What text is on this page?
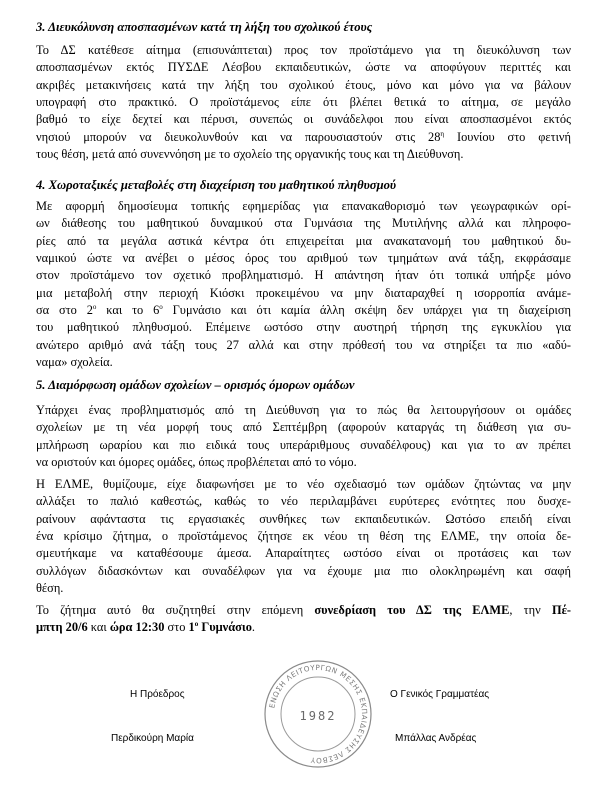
3. Διευκόλυνση αποσπασμένων κατά τη λήξη του σχολικού έτους

Το ΔΣ κατέθεσε αίτημα (επισυνάπτεται) προς τον προϊστάμενο για τη διευκόλυνση των
αποσπασμένων εκτός ΠΥΣΔΕ Λέσβου εκπαιδευτικών, ώστε να αποφύγουν περιττές και
ακριβές μετακινήσεις κατά την λήξη του σχολικού έτους, μόνο και μόνο για να βάλουν
υπογραφή στο πρακτικό. Ο προϊστάμενος είπε ότι βλέπει θετικά το αίτημα, σε μεγάλο
βαθμό το είχε δεχτεί και πέρυσι, συνεπώς οι συνάδελφοι που είναι αποσπασμένοι εκτός
νησιού μπορούν να διευκολυνθούν και να παρουσιαστούν στις $28^\eta$ Ιουνίου στο φετινή
τους θέση, μετά από συνεννόηση με το σχολείο της οργανικής τους και τη Διεύθυνση.

4. Χωροταξικές μεταβολές στη διαχείριση του μαθητικού πληθυσμού

Με αφορμή δημοσίευμα τοπικής εφημερίδας για επανακαθορισμό των γεωγραφικών ορί-
ων διάθεσης του μαθητικού δυναμικού στα Γυμνάσια της Μυτιλήνης αλλά και πληροφο-
ρίες από τα μεγάλα αστικά κέντρα ότι επιχειρείται μια ανακατανομή του μαθητικού δυ-
ναμικού ώστε να ανέβει ο μέσος όρος του αριθμού των τμημάτων ανά τάξη, εκφράσαμε
στον προϊστάμενο τον σχετικό προβληματισμό. Η απάντηση ήταν ότι τοπικά υπήρξε μόνο
μια μεταβολή στην περιοχή Κιόσκι προκειμένου να μην διαταραχθεί η ισορροπία ανάμε-
σα στο $2^o$ και το $6^o$ Γυμνάσιο και ότι καμία άλλη σκέψη δεν υπάρχει για τη διαχείριση
του μαθητικού πληθυσμού. Επέμεινε ωστόσο στην αυστηρή τήρηση της εγκυκλίου για
ανώτερο αριθμό ανά τάξη τους 27 αλλά και στην πρόθεσή του να στηρίξει τα πιο «αδύ-
ναμα» σχολεία.

5. Διαμόρφωση ομάδων σχολείων – ορισμός όμορων ομάδων

Υπάρχει ένας προβληματισμός από τη Διεύθυνση για το πώς θα λειτουργήσουν οι ομάδες
σχολείων με τη νέα μορφή τους από Σεπτέμβρη (αφορούν καταργάς τη διάθεση για συ-
μπλήρωση ωραρίου και πιο ειδικά τους υπεράριθμους συναδέλφους) και για το αν πρέπει
να οριστούν και όμορες ομάδες, όπως προβλέπεται από το νόμο.

Η ΕΛΜΕ, θυμίζουμε, είχε διαφωνήσει με το νέο σχεδιασμό των ομάδων ζητώντας να μην
αλλάξει το παλιό καθεστώς, καθώς το νέο περιλαμβάνει ευρύτερες ενότητες που δυσχε-
ραίνουν αφάνταστα τις εργασιακές συνθήκες των εκπαιδευτικών. Ωστόσο επειδή είναι
ένα κρίσιμο ζήτημα, ο προϊστάμενος ζήτησε εκ νέου τη θέση της ΕΛΜΕ, την οποία δε-
σμευτήκαμε να καταθέσουμε άμεσα. Απαραίτητες ωστόσο είναι οι προτάσεις και των
συλλόγων διδασκόντων και συναδέλφων για να έχουμε μια πιο ολοκληρωμένη και σαφή
θέση.

Το ζήτημα αυτό θα συζητηθεί στην επόμενη συνεδρίαση του ΔΣ της ΕΛΜΕ, την Πέ-
μπτη 20/6 και ώρα 12:30 στο $1^o$ Γυμνάσιο.

Η Πρόεδρος

Περδικούρη Μαρία

Ο Γενικός Γραμματέας

Μπάλλας Ανδρέας

ΕΝΩΣΗ ΛΕΙΤΟΥΡΓΩΝ ΜΕΣΗΣ ΕΚΠΑΙΔΕΥΣΗΣ ΛΕΣΒΟΥ
1982
